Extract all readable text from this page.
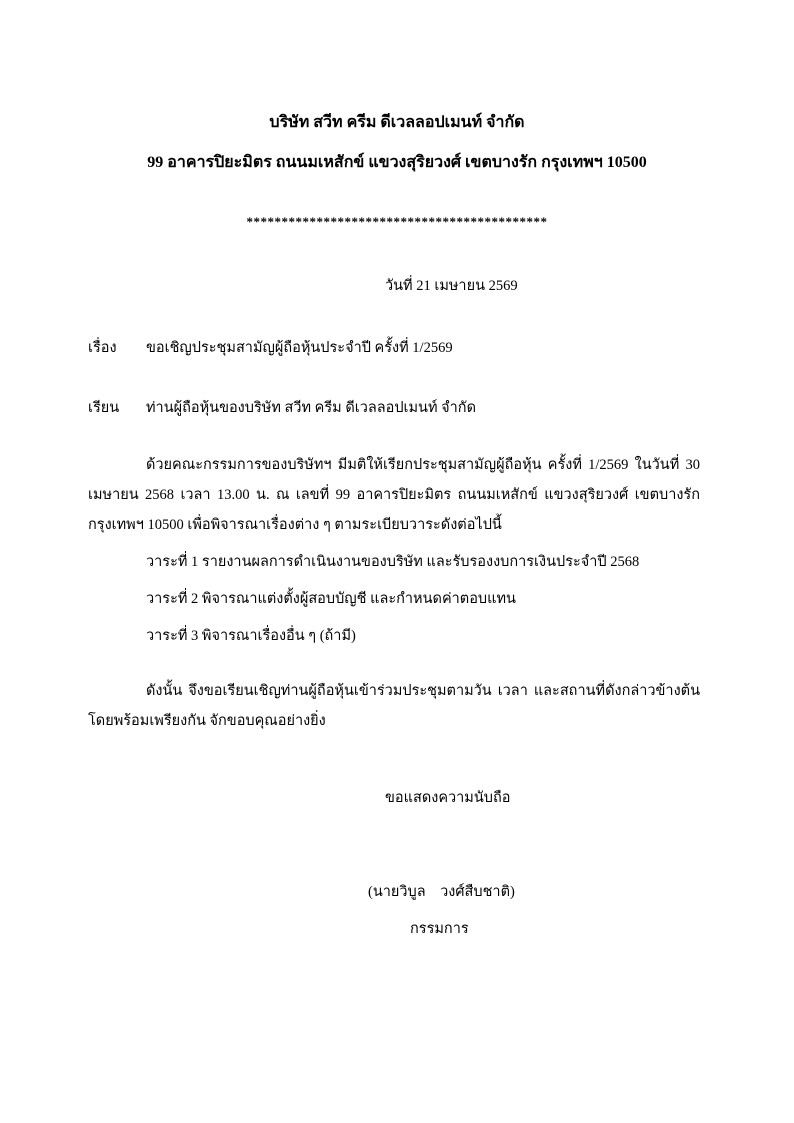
บริษัท สวีท ครีม ดีเวลลอปเมนท์ จำกัด
99 อาคารปิยะมิตร ถนนมเหสักข์ แขวงสุริยวงศ์ เขตบางรัก กรุงเทพฯ 10500
*******************************************
วันที่ 21 เมษายน 2569
เรื่อง ขอเชิญประชุมสามัญผู้ถือหุ้นประจำปี ครั้งที่ 1/2569
เรียน ท่านผู้ถือหุ้นของบริษัท สวีท ครีม ดีเวลลอปเมนท์ จำกัด
ด้วยคณะกรรมการของบริษัทฯ มีมติให้เรียกประชุมสามัญผู้ถือหุ้น ครั้งที่ 1/2569 ในวันที่ 30 เมษายน 2568 เวลา 13.00 น. ณ เลขที่ 99 อาคารปิยะมิตร ถนนมเหสักข์ แขวงสุริยวงศ์ เขตบางรัก กรุงเทพฯ 10500 เพื่อพิจารณาเรื่องต่าง ๆ ตามระเบียบวาระดังต่อไปนี้
วาระที่ 1 รายงานผลการดำเนินงานของบริษัท และรับรองงบการเงินประจำปี 2568
วาระที่ 2 พิจารณาแต่งตั้งผู้สอบบัญชี และกำหนดค่าตอบแทน
วาระที่ 3 พิจารณาเรื่องอื่น ๆ (ถ้ามี)
ดังนั้น จึงขอเรียนเชิญท่านผู้ถือหุ้นเข้าร่วมประชุมตามวัน เวลา และสถานที่ดังกล่าวข้างต้นโดยพร้อมเพรียงกัน จักขอบคุณอย่างยิ่ง
ขอแสดงความนับถือ
(นายวิบูล    วงศ์สืบชาติ)
กรรมการ
